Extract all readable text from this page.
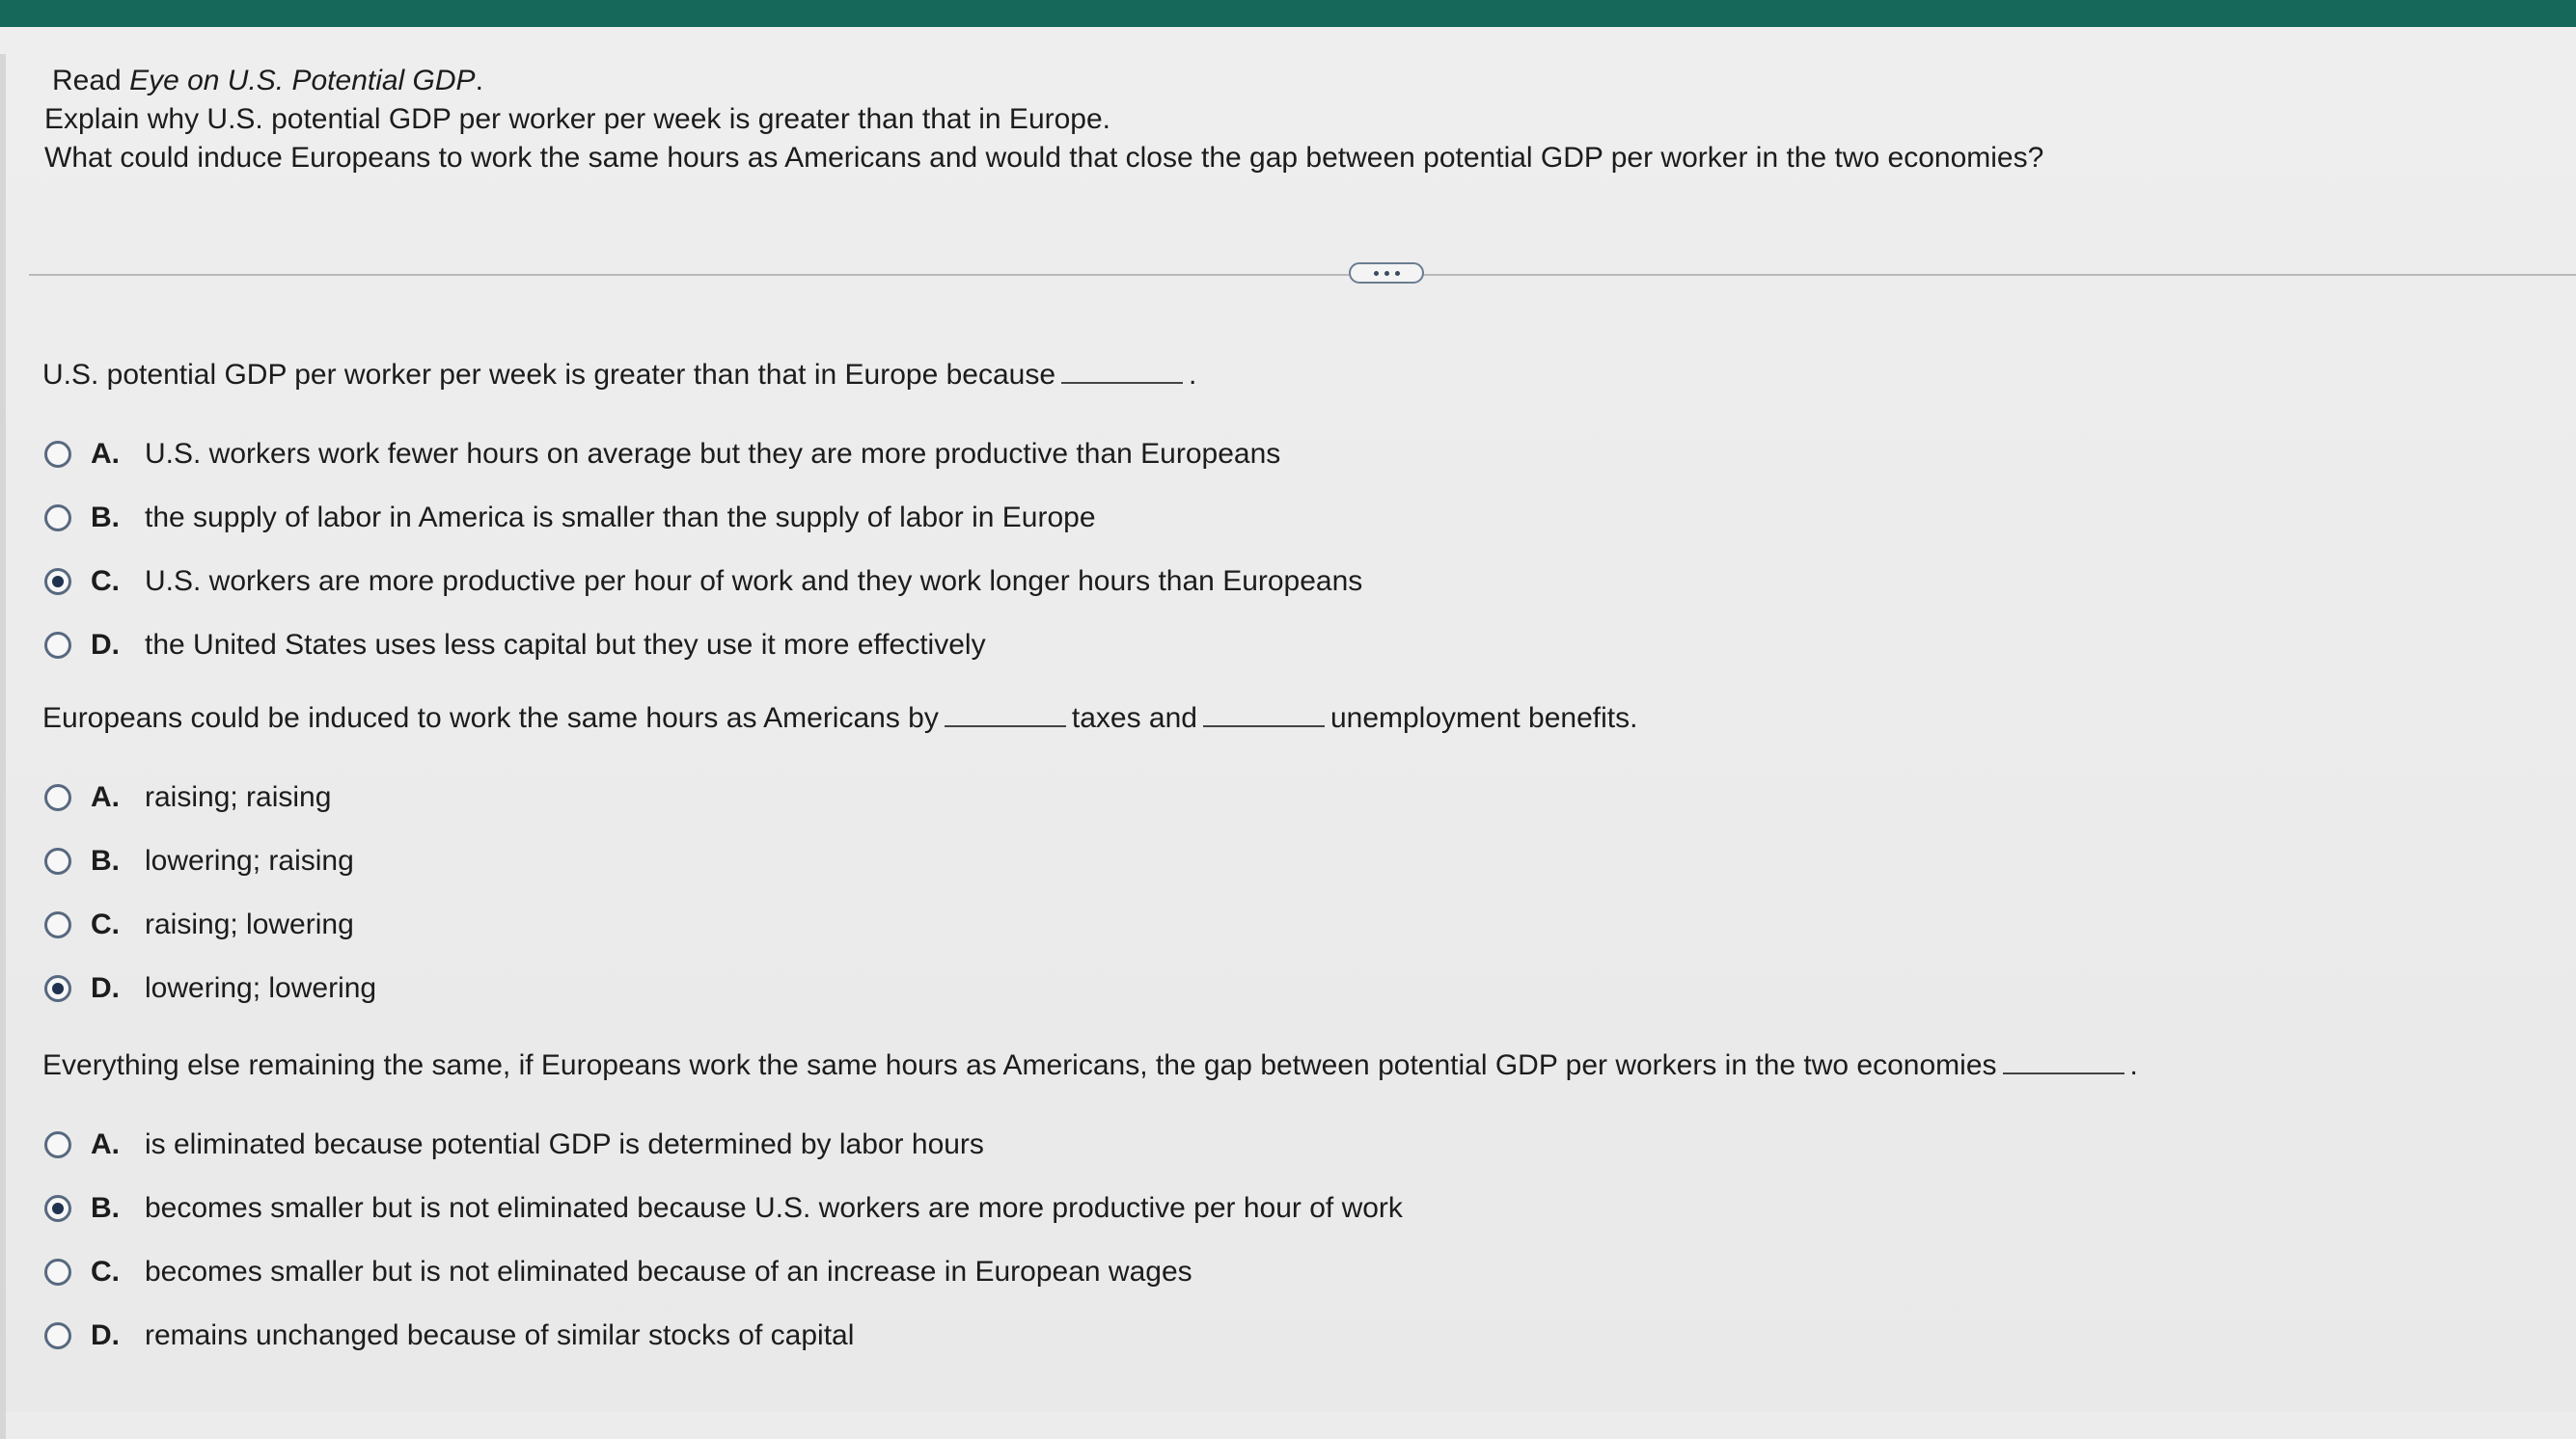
Read Eye on U.S. Potential GDP.
Explain why U.S. potential GDP per worker per week is greater than that in Europe.
What could induce Europeans to work the same hours as Americans and would that close the gap between potential GDP per worker in the two economies?
U.S. potential GDP per worker per week is greater than that in Europe because	.
A. U.S. workers work fewer hours on average but they are more productive than Europeans
B. the supply of labor in America is smaller than the supply of labor in Europe
C. U.S. workers are more productive per hour of work and they work longer hours than Europeans
D. the United States uses less capital but they use it more effectively
Europeans could be induced to work the same hours as Americans by	taxes and	unemployment benefits.
A. raising; raising
B. lowering; raising
C. raising; lowering
D. lowering; lowering
Everything else remaining the same, if Europeans work the same hours as Americans, the gap between potential GDP per workers in the two economies	.
A. is eliminated because potential GDP is determined by labor hours
B. becomes smaller but is not eliminated because U.S. workers are more productive per hour of work
C. becomes smaller but is not eliminated because of an increase in European wages
D. remains unchanged because of similar stocks of capital
